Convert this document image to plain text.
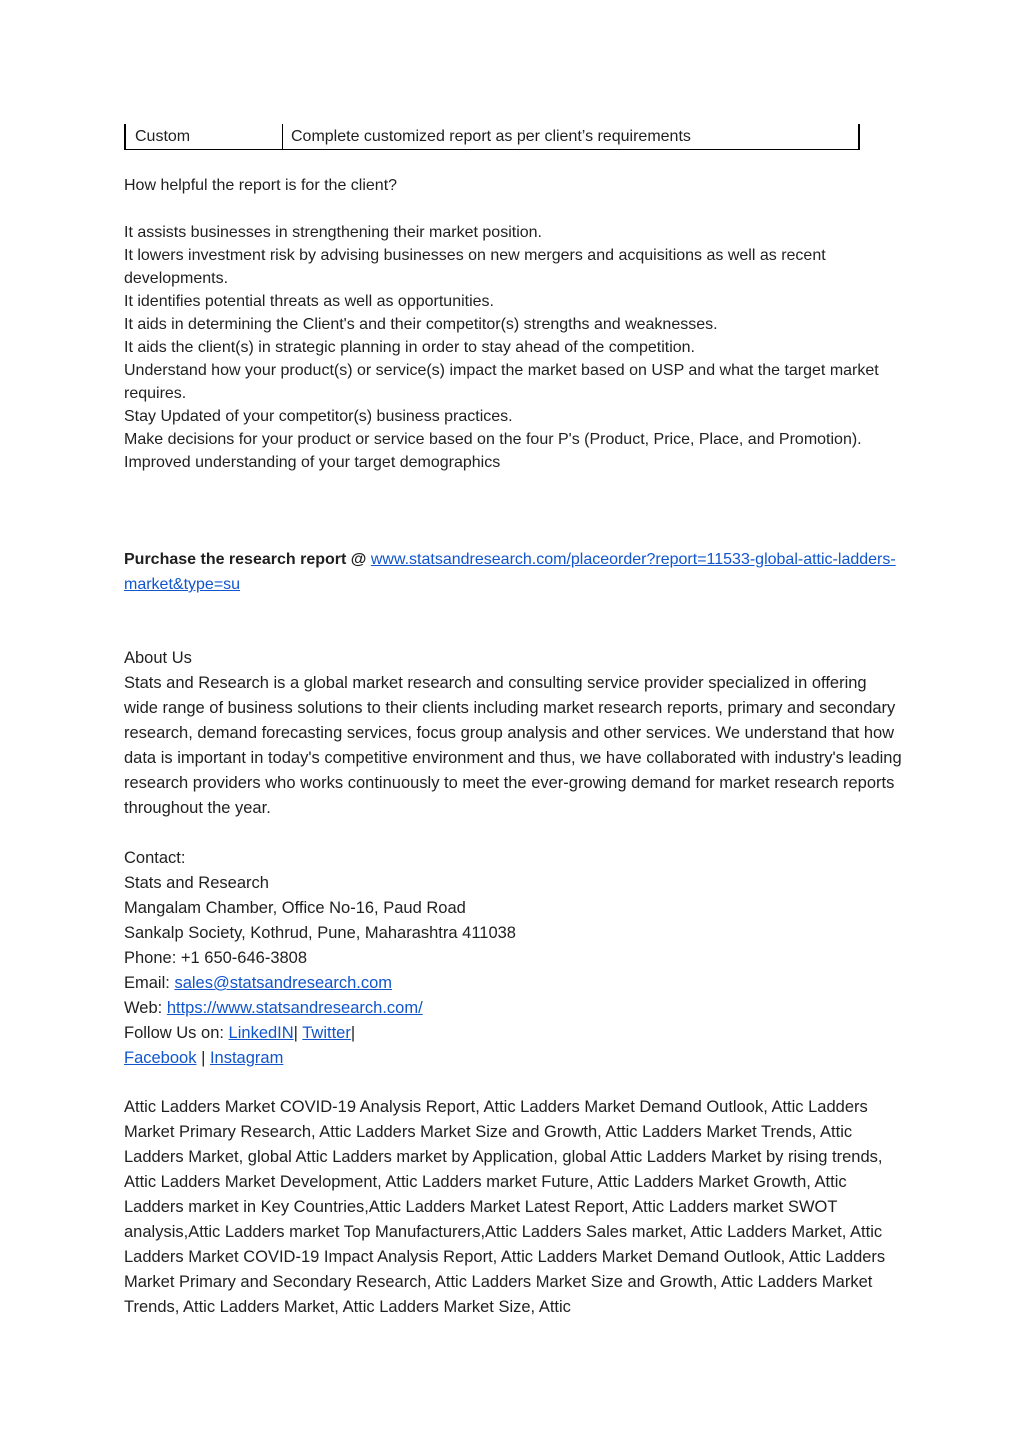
Custom	Complete customized report as per client’s requirements
How helpful the report is for the client?
It assists businesses in strengthening their market position.
It lowers investment risk by advising businesses on new mergers and acquisitions as well as recent developments.
It identifies potential threats as well as opportunities.
It aids in determining the Client's and their competitor(s) strengths and weaknesses.
It aids the client(s) in strategic planning in order to stay ahead of the competition.
Understand how your product(s) or service(s) impact the market based on USP and what the target market requires.
Stay Updated of your competitor(s) business practices.
Make decisions for your product or service based on the four P's (Product, Price, Place, and Promotion).
Improved understanding of your target demographics
Purchase the research report @ www.statsandresearch.com/placeorder?report=11533-global-attic-ladders-market&type=su

About Us

Stats and Research is a global market research and consulting service provider specialized in offering wide range of business solutions to their clients including market research reports, primary and secondary research, demand forecasting services, focus group analysis and other services. We understand that how data is important in today's competitive environment and thus, we have collaborated with industry's leading research providers who works continuously to meet the ever-growing demand for market research reports throughout the year.

Contact:
Stats and Research
Mangalam Chamber, Office No-16, Paud Road
Sankalp Society, Kothrud, Pune, Maharashtra 411038
Phone: +1 650-646-3808
Email: sales@statsandresearch.com
Web: https://www.statsandresearch.com/
Follow Us on: LinkedIN| Twitter|
Facebook | Instagram

Attic Ladders Market COVID-19 Analysis Report, Attic Ladders Market Demand Outlook, Attic Ladders Market Primary Research, Attic Ladders Market Size and Growth, Attic Ladders Market Trends, Attic Ladders Market, global Attic Ladders market by Application, global Attic Ladders Market by rising trends, Attic Ladders Market Development, Attic Ladders market Future, Attic Ladders Market Growth, Attic Ladders market in Key Countries,Attic Ladders Market Latest Report, Attic Ladders market SWOT analysis,Attic Ladders market Top Manufacturers,Attic Ladders Sales market, Attic Ladders Market, Attic Ladders Market COVID-19 Impact Analysis Report, Attic Ladders Market Demand Outlook, Attic Ladders Market Primary and Secondary Research, Attic Ladders Market Size and Growth, Attic Ladders Market Trends, Attic Ladders Market, Attic Ladders Market Size, Attic
